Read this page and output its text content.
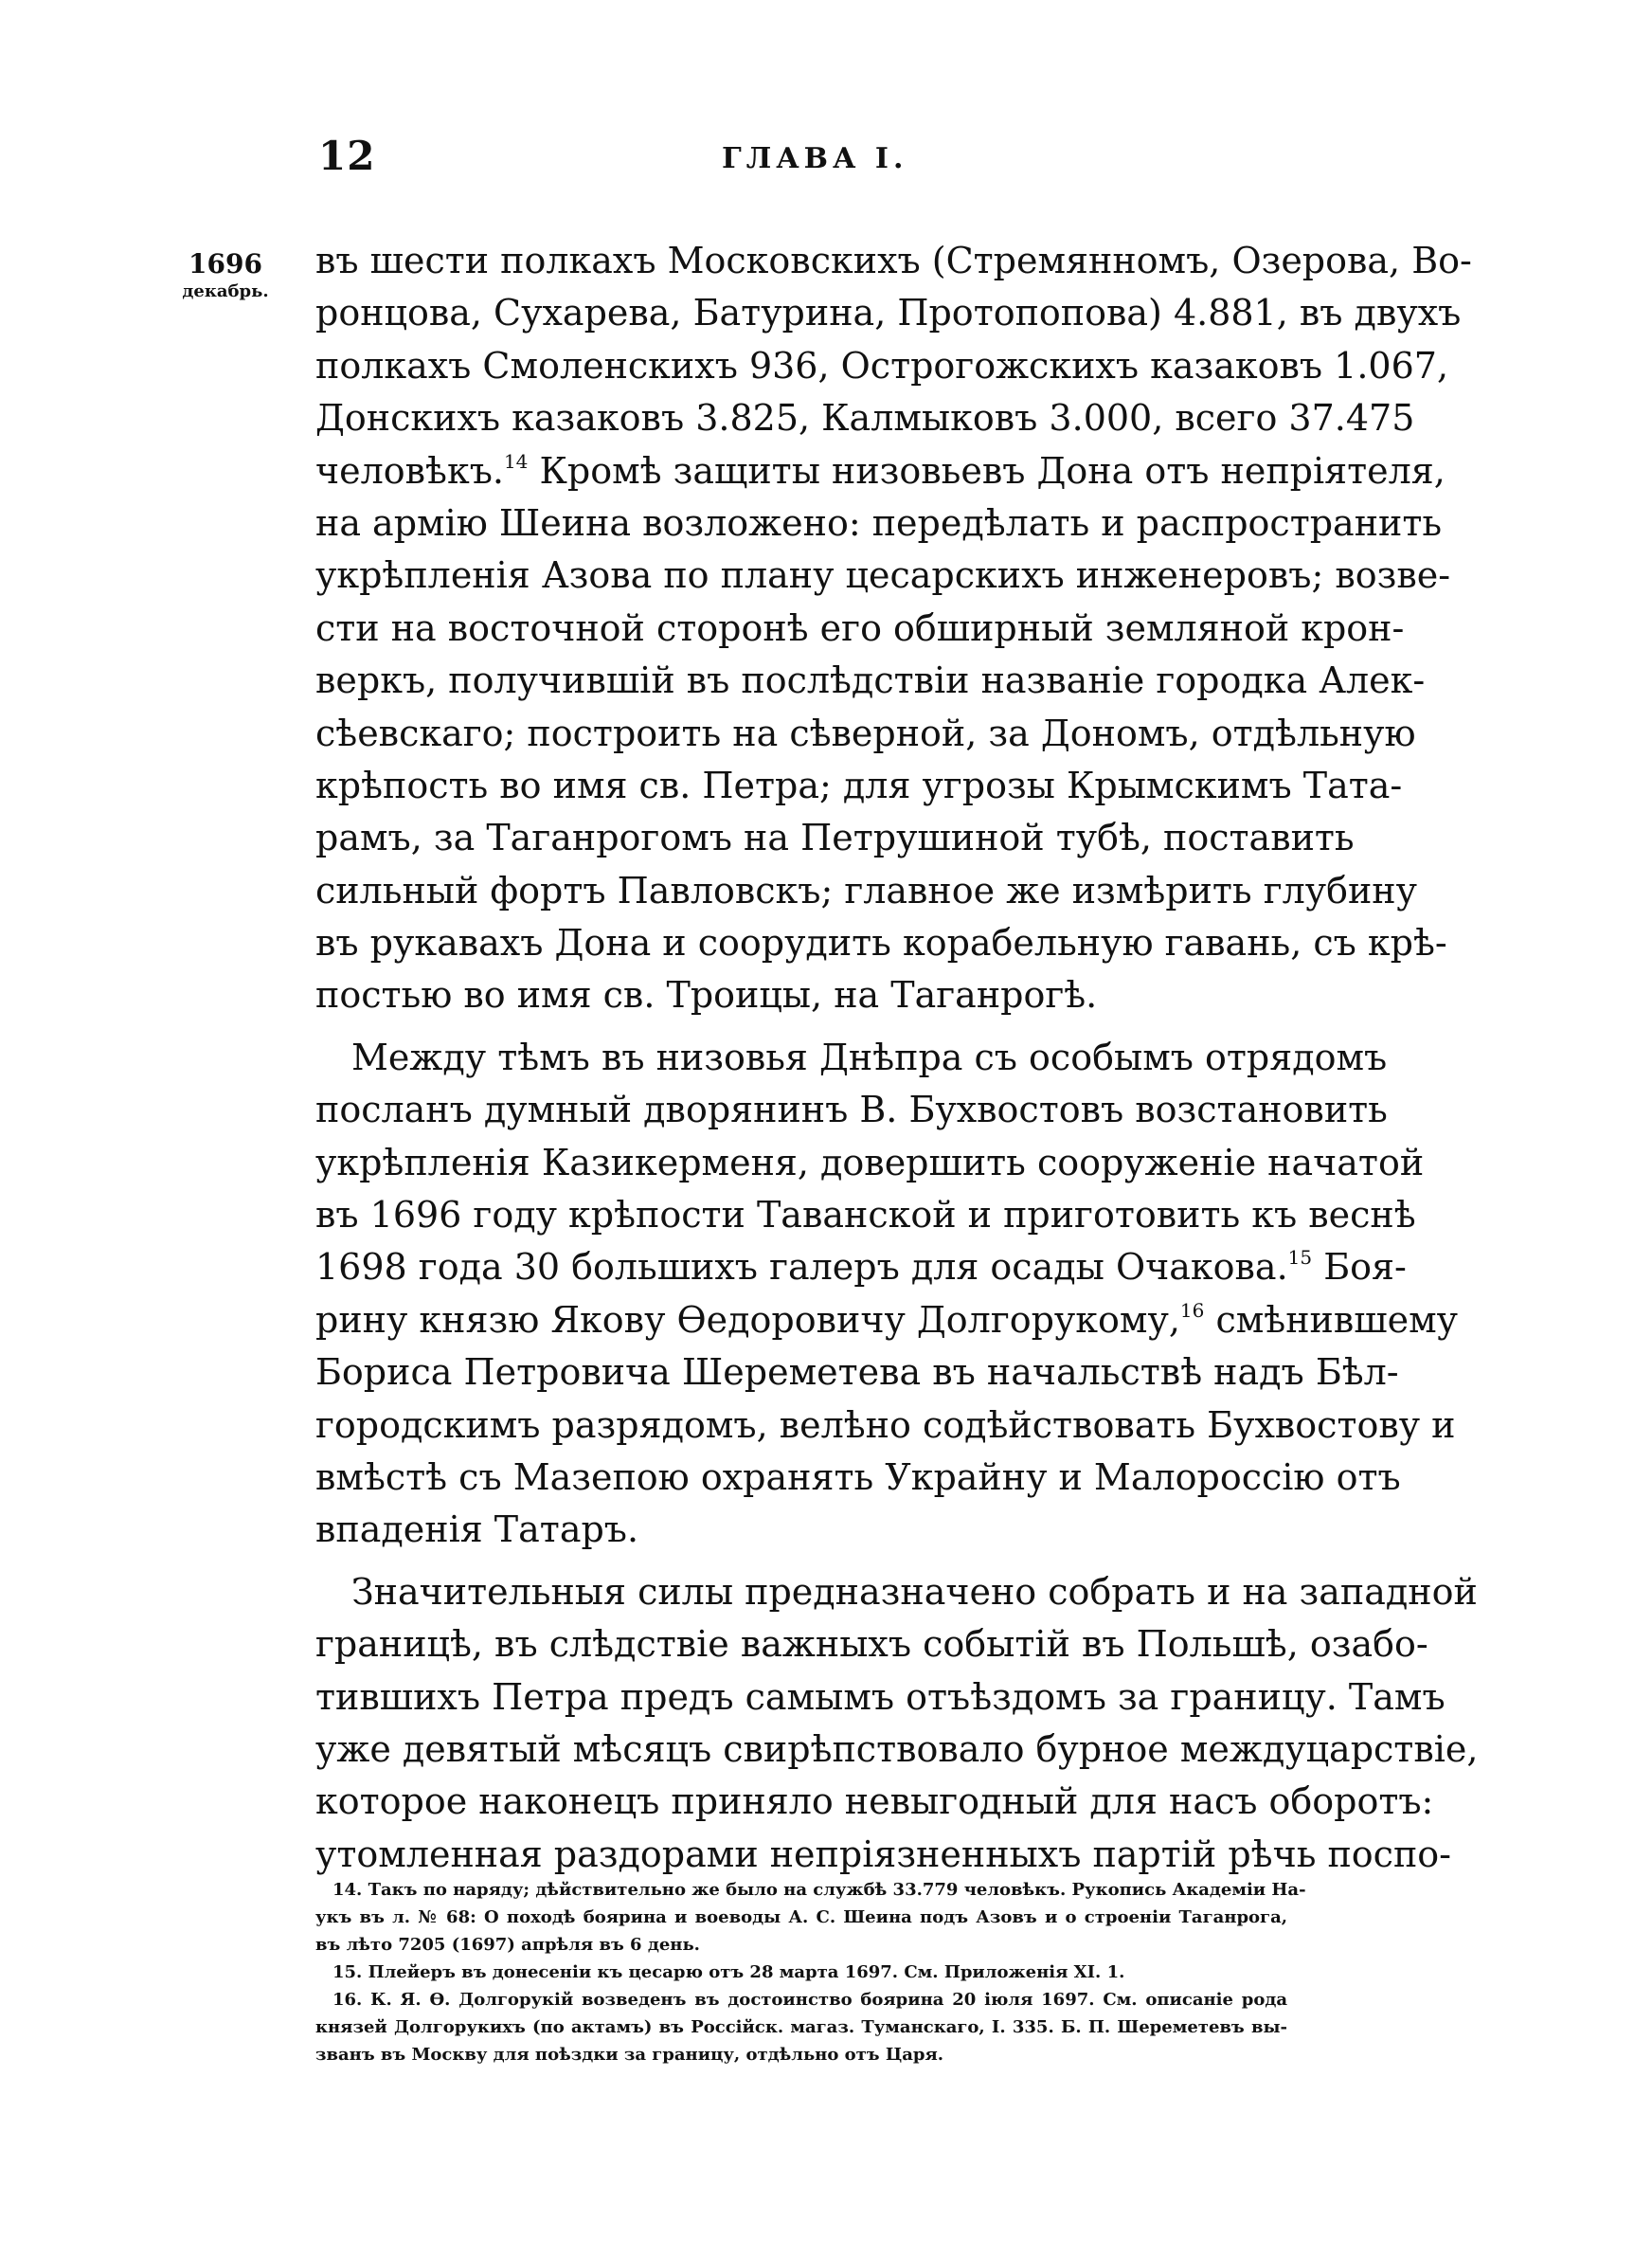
12	ГЛАВА I.
1696
декабрь.
въ шести полкахъ Московскихъ (Стремянномъ, Озерова, Во-
ронцова, Сухарева, Батурина, Протопопова) 4.881, въ двухъ
полкахъ Смоленскихъ 936, Острогожскихъ казаковъ 1.067,
Донскихъ казаковъ 3.825, Калмыковъ 3.000, всего 37.475
человѣкъ.$^{14}$ Кромѣ защиты низовьевъ Дона отъ непріятеля,
на армію Шеина возложено: передѣлать и распространить
укрѣпленія Азова по плану цесарскихъ инженеровъ; возве-
сти на восточной сторонѣ его обширный земляной крон-
веркъ, получившій въ послѣдствіи названіе городка Алек-
сѣевскаго; построить на сѣверной, за Дономъ, отдѣльную
крѣпость во имя св. Петра; для угрозы Крымскимъ Тата-
рамъ, за Таганрогомъ на Петрушиной тубѣ, поставить
сильный фортъ Павловскъ; главное же измѣрить глубину
въ рукавахъ Дона и соорудить корабельную гавань, съ крѣ-
постью во имя св. Троицы, на Таганрогѣ.
Между тѣмъ въ низовья Днѣпра съ особымъ отрядомъ
посланъ думный дворянинъ В. Бухвостовъ возстановить
укрѣпленія Казикерменя, довершить сооруженіе начатой
въ 1696 году крѣпости Таванской и приготовить къ веснѣ
1698 года 30 большихъ галеръ для осады Очакова.$^{15}$ Боя-
рину князю Якову Ѳедоровичу Долгорукому,$^{16}$ смѣнившему
Бориса Петровича Шереметева въ начальствѣ надъ Бѣл-
городскимъ разрядомъ, велѣно содѣйствовать Бухвостову и
вмѣстѣ съ Мазепою охранять Украйну и Малороссію отъ
впаденія Татаръ.
Значительныя силы предназначено собрать и на западной
границѣ, въ слѣдствіе важныхъ событій въ Польшѣ, озабо-
тившихъ Петра предъ самымъ отъѣздомъ за границу. Тамъ
уже девятый мѣсяцъ свирѣпствовало бурное междуцарствіе,
которое наконецъ приняло невыгодный для насъ оборотъ:
утомленная раздорами непріязненныхъ партій рѣчь поспо-
14. Такъ по наряду; дѣйствительно же было на службѣ 33.779 человѣкъ. Рукопись Академіи На-
укъ въ л. № 68: О походѣ боярина и воеводы А. С. Шеина подъ Азовъ и о строеніи Таганрога,
въ лѣто 7205 (1697) апрѣля въ 6 день.
15. Плейеръ въ донесеніи къ цесарю отъ 28 марта 1697. См. Приложенія XI. 1.
16. К. Я. Ѳ. Долгорукій возведенъ въ достоинство боярина 20 іюля 1697. См. описаніе рода
князей Долгорукихъ (по актамъ) въ Россійск. магаз. Туманскаго, I. 335. Б. П. Шереметевъ вы-
званъ въ Москву для поѣздки за границу, отдѣльно отъ Царя.
